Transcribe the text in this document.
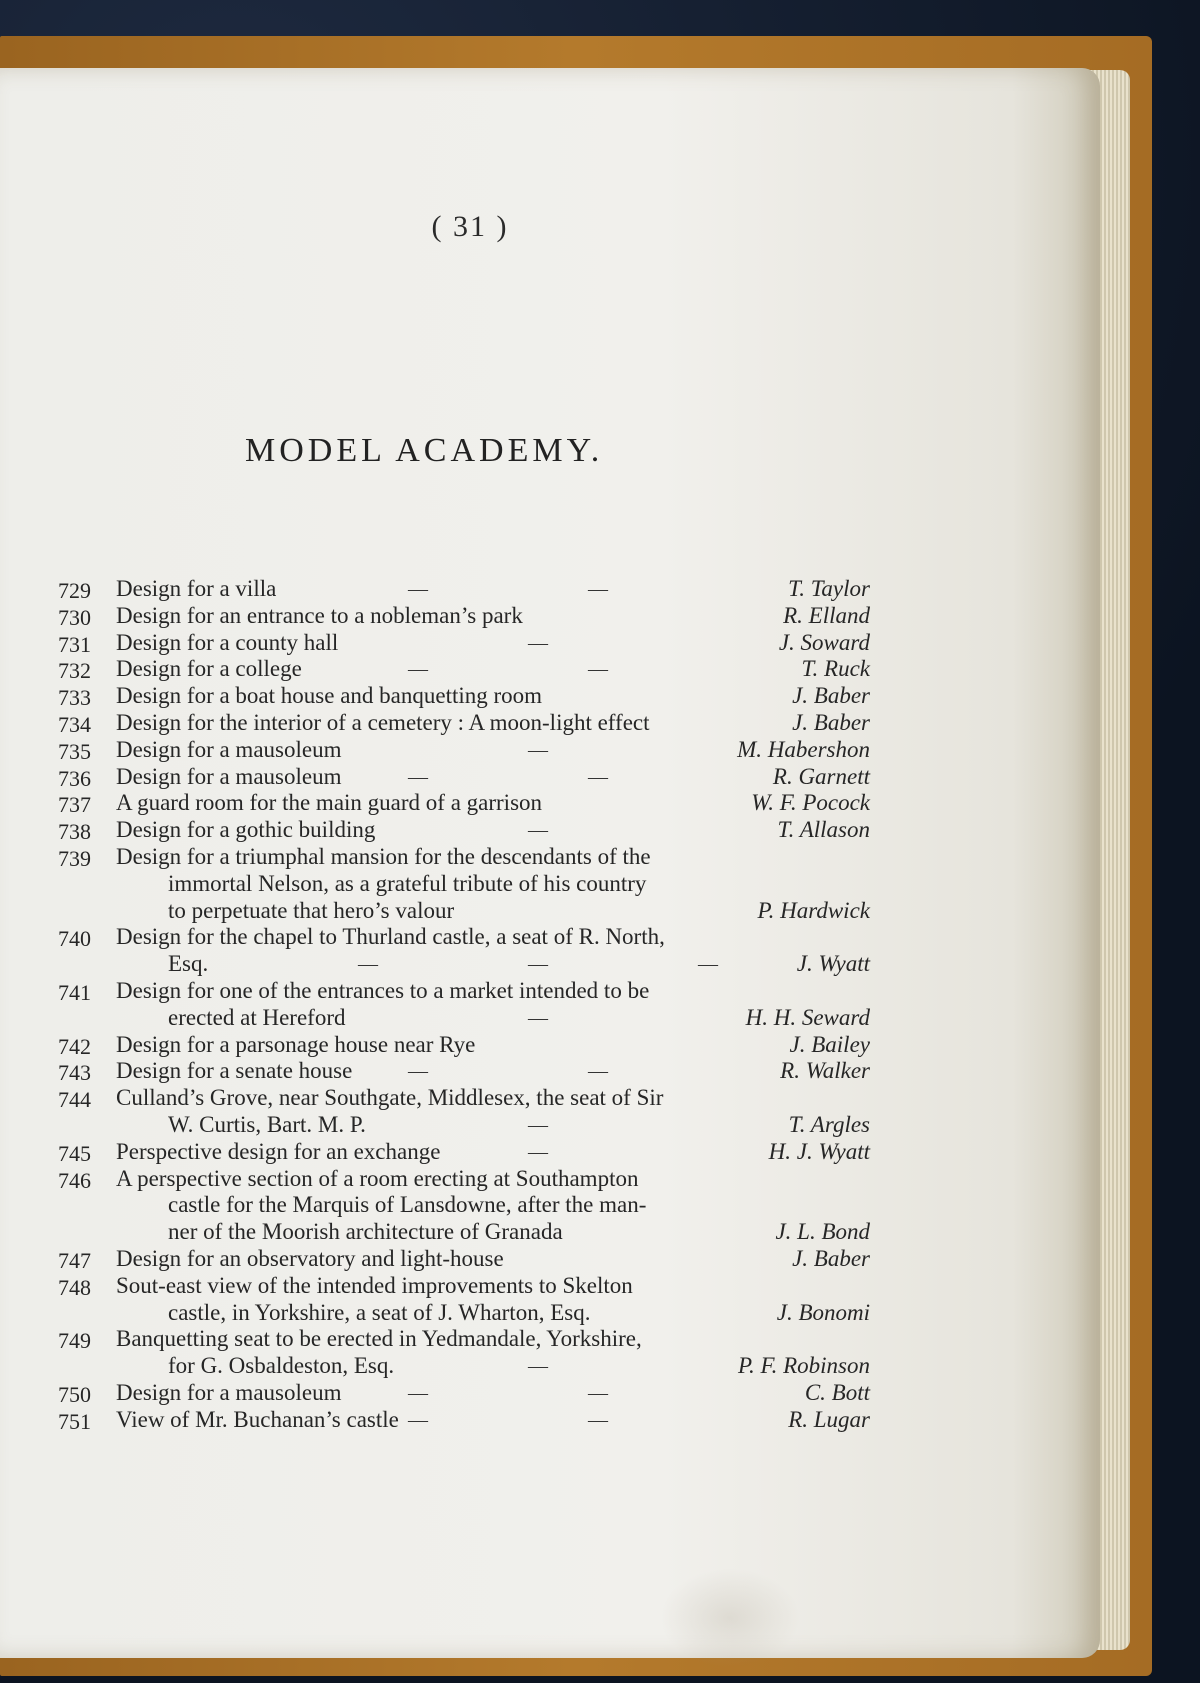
( 31 )
MODEL ACADEMY.
729	Design for a villa	—	—	T. Taylor
730	Design for an entrance to a nobleman’s park	R. Elland
731	Design for a county hall	—	J. Soward
732	Design for a college	—	—	T. Ruck
733	Design for a boat house and banquetting room	J. Baber
734	Design for the interior of a cemetery : A moon-light effect	J. Baber
735	Design for a mausoleum	—	M. Habershon
736	Design for a mausoleum	—	—	R. Garnett
737	A guard room for the main guard of a garrison	W. F. Pocock
738	Design for a gothic building	—	T. Allason
739	Design for a triumphal mansion for the descendants of the
immortal Nelson, as a grateful tribute of his country
to perpetuate that hero’s valour	P. Hardwick
740	Design for the chapel to Thurland castle, a seat of R. North,
Esq.	—	—	—	J. Wyatt
741	Design for one of the entrances to a market intended to be
erected at Hereford	—	H. H. Seward
742	Design for a parsonage house near Rye	J. Bailey
743	Design for a senate house	—	—	R. Walker
744	Culland’s Grove, near Southgate, Middlesex, the seat of Sir
W. Curtis, Bart. M. P.	—	T. Argles
745	Perspective design for an exchange	—	H. J. Wyatt
746	A perspective section of a room erecting at Southampton
castle for the Marquis of Lansdowne, after the man-
ner of the Moorish architecture of Granada	J. L. Bond
747	Design for an observatory and light-house	J. Baber
748	Sout-east view of the intended improvements to Skelton
castle, in Yorkshire, a seat of J. Wharton, Esq.	J. Bonomi
749	Banquetting seat to be erected in Yedmandale, Yorkshire,
for G. Osbaldeston, Esq.	—	P. F. Robinson
750	Design for a mausoleum	—	—	C. Bott
751	View of Mr. Buchanan’s castle —	—	R. Lugar
